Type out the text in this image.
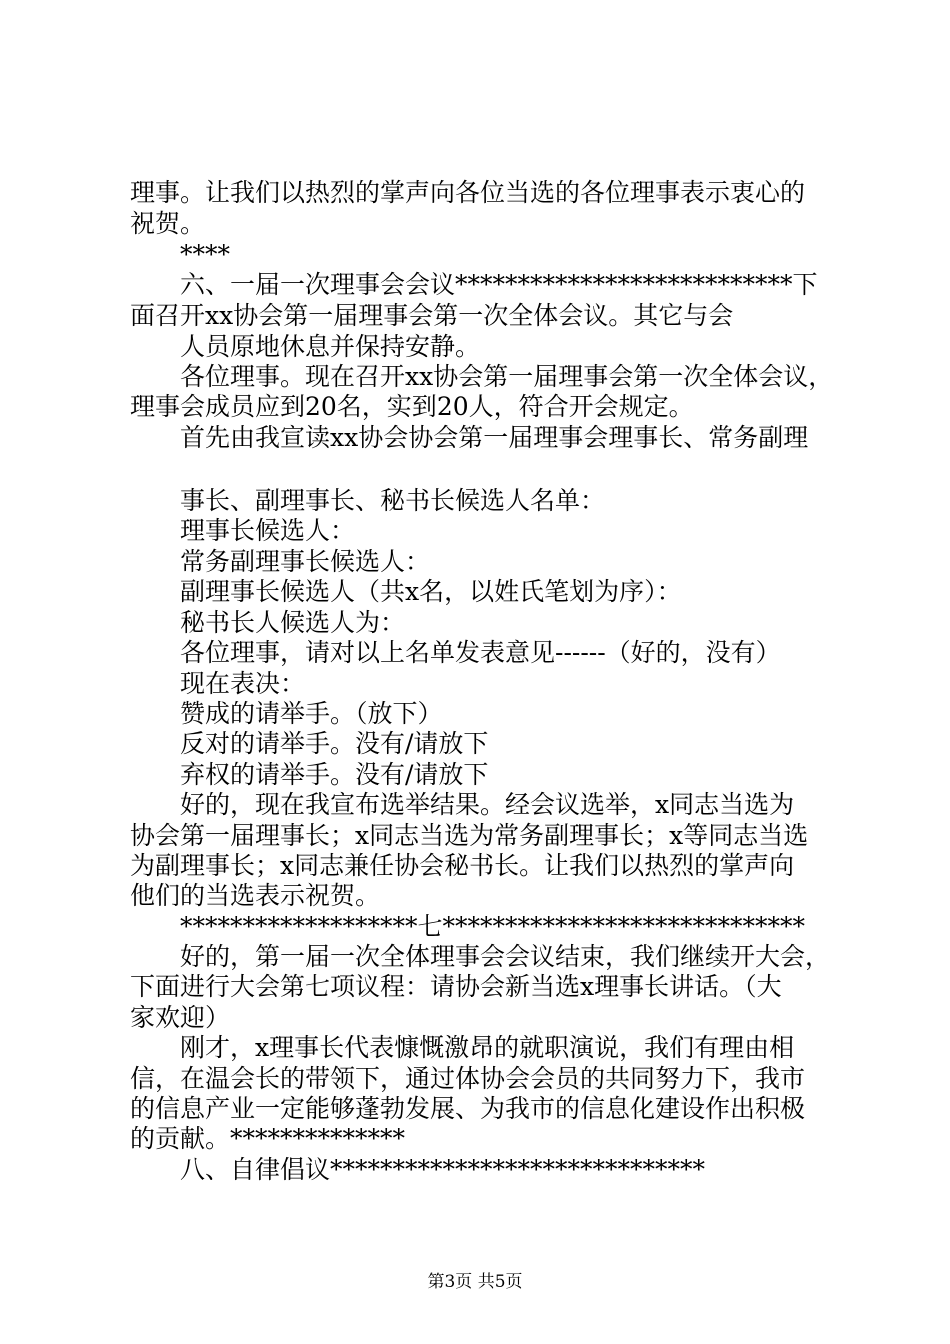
理事。让我们以热烈的掌声向各位当选的各位理事表示衷心的
祝贺。
****
六、一届一次理事会会议***************************下
面召开xx协会第一届理事会第一次全体会议。其它与会
人员原地休息并保持安静。
各位理事。现在召开xx协会第一届理事会第一次全体会议，
理事会成员应到20名，实到20人，符合开会规定。
首先由我宣读xx协会协会第一届理事会理事长、常务副理
事长、副理事长、秘书长候选人名单：
理事长候选人：
常务副理事长候选人：
副理事长候选人（共x名，以姓氏笔划为序）：
秘书长人候选人为：
各位理事，请对以上名单发表意见------（好的，没有）
现在表决：
赞成的请举手。（放下）
反对的请举手。没有/请放下
弃权的请举手。没有/请放下
好的，现在我宣布选举结果。经会议选举，x同志当选为
协会第一届理事长；x同志当选为常务副理事长；x等同志当选
为副理事长；x同志兼任协会秘书长。让我们以热烈的掌声向
他们的当选表示祝贺。
*******************七*****************************
好的，第一届一次全体理事会会议结束，我们继续开大会，
下面进行大会第七项议程：请协会新当选x理事长讲话。（大
家欢迎）
刚才，x理事长代表慷慨激昂的就职演说，我们有理由相
信，在温会长的带领下，通过体协会会员的共同努力下，我市
的信息产业一定能够蓬勃发展、为我市的信息化建设作出积极
的贡献。**************
八、自律倡议******************************
第3页 共5页
